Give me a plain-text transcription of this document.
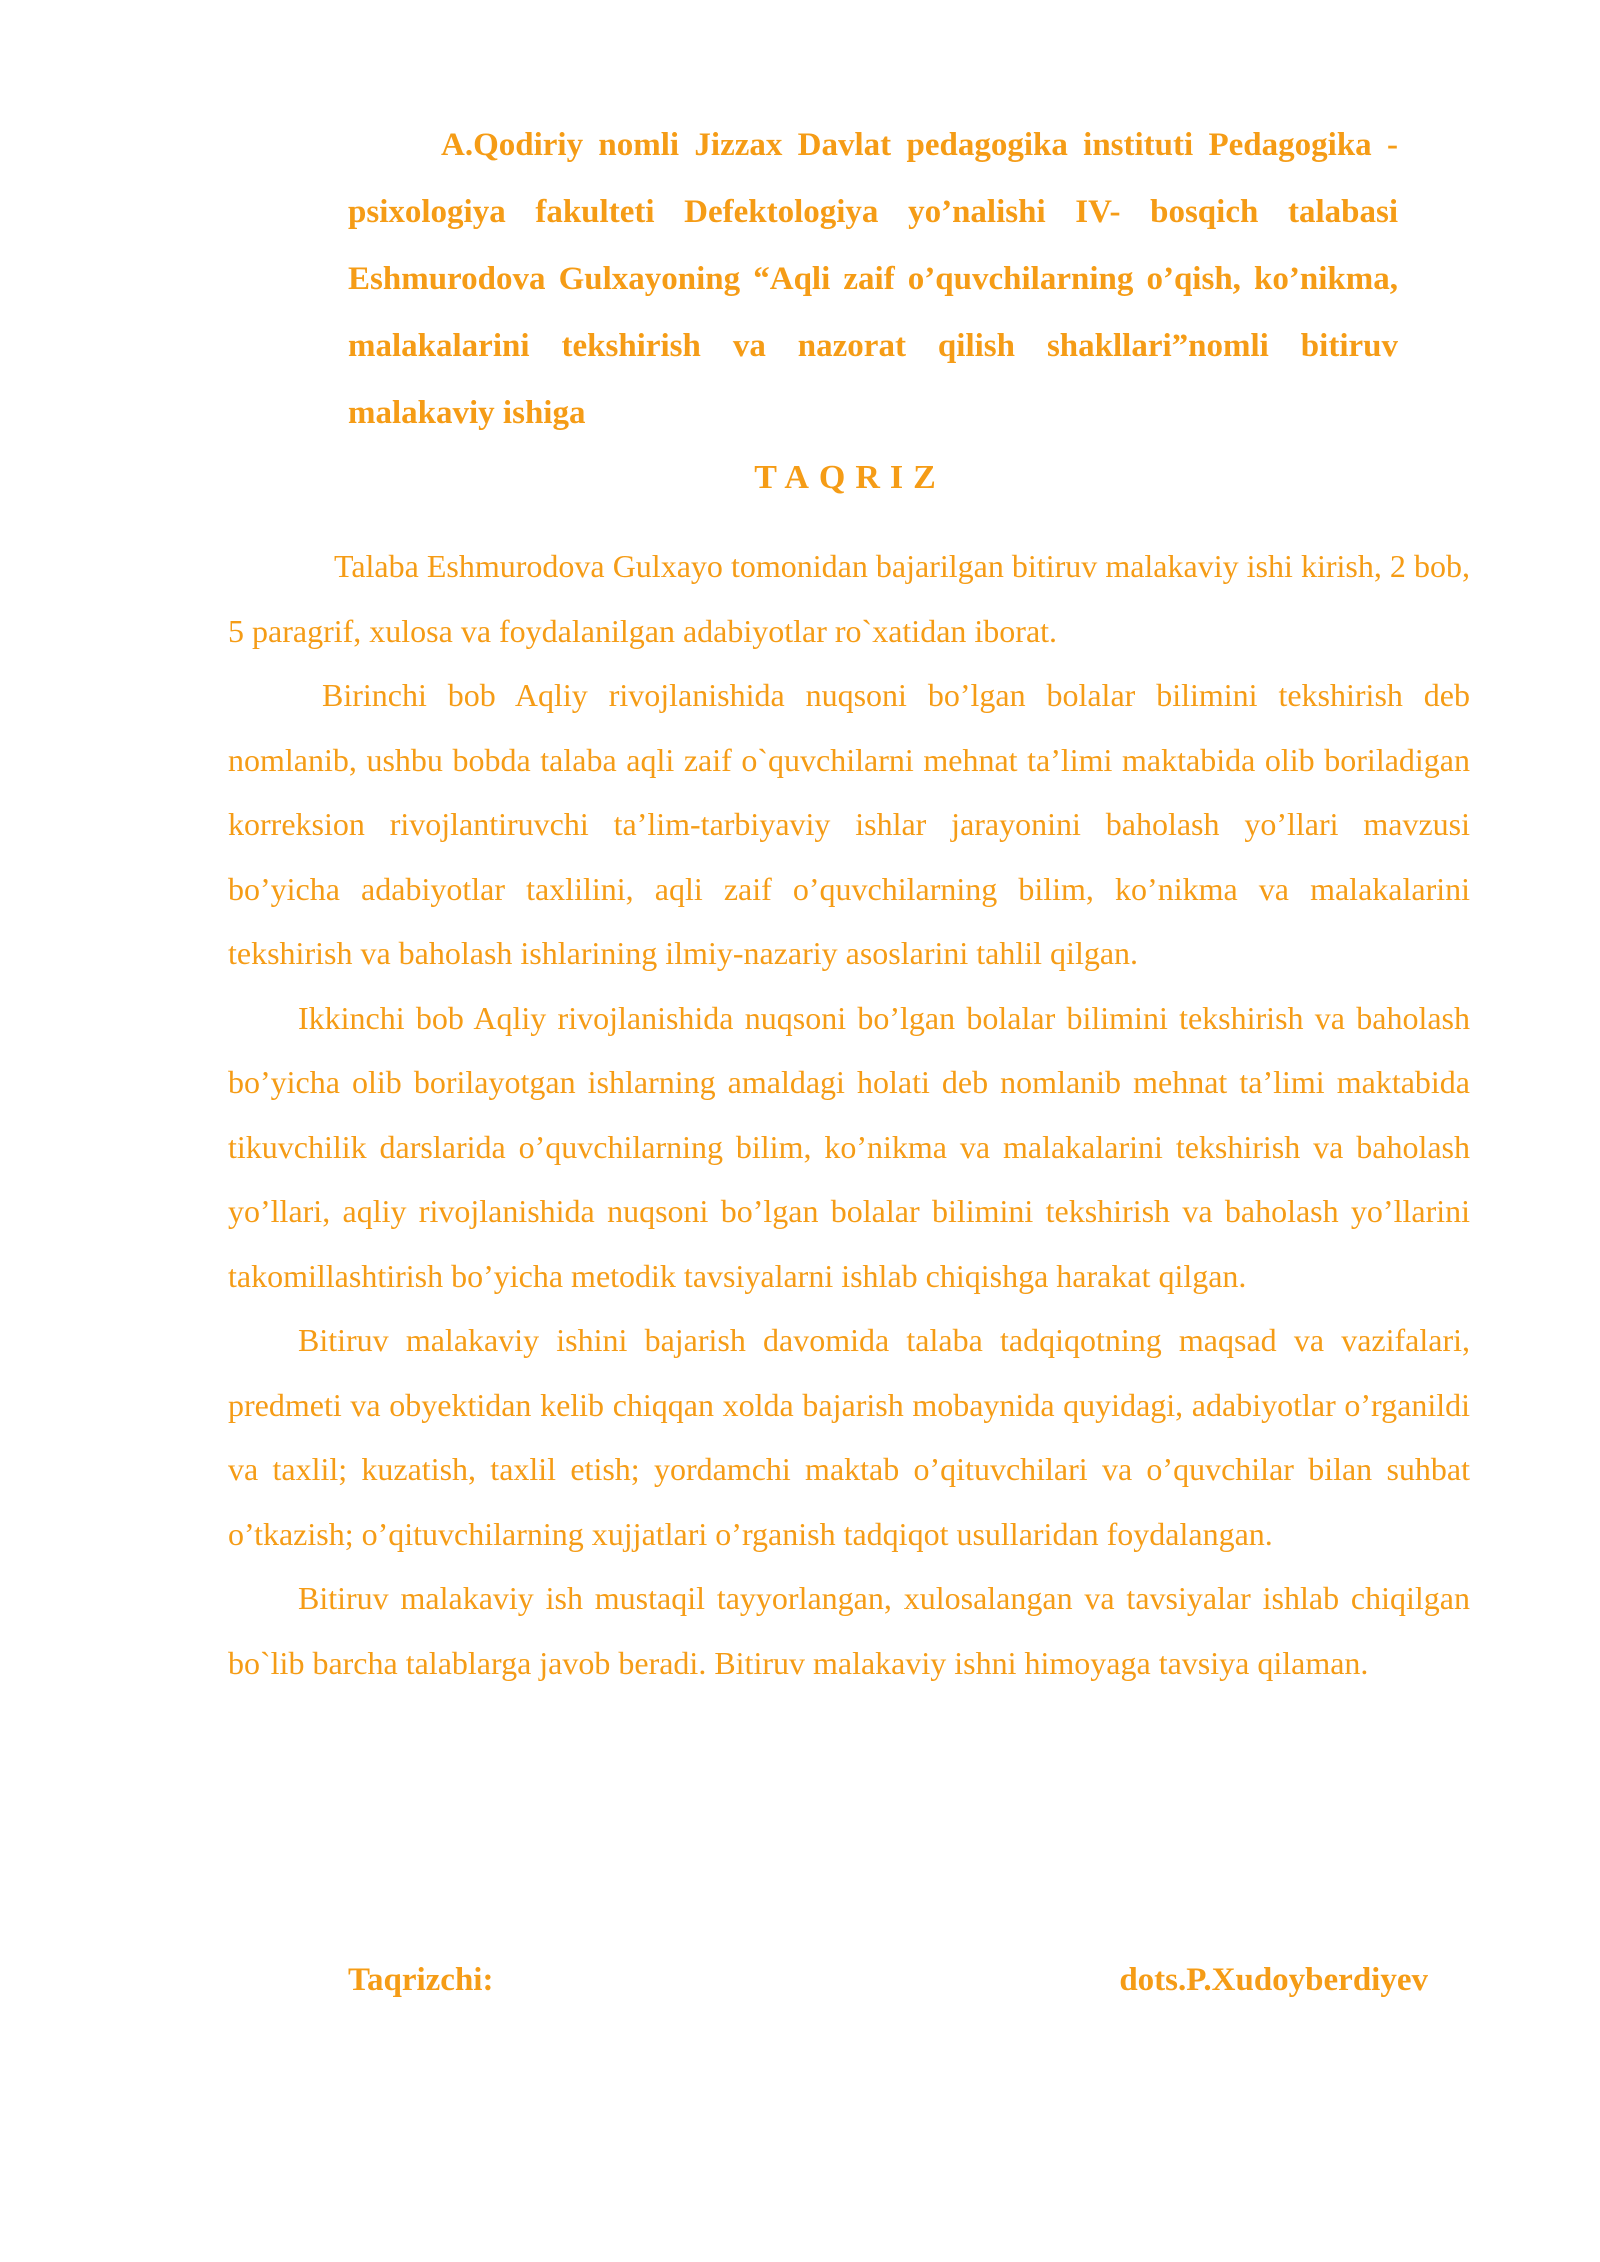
A.Qodiriy nomli Jizzax Davlat pedagogika instituti Pedagogika - psixologiya fakulteti Defektologiya yo’nalishi IV- bosqich talabasi Eshmurodova Gulxayoning “Aqli zaif o’quvchilarning o’qish, ko’nikma, malakalarini tekshirish va nazorat qilish shakllari”nomli bitiruv malakaviy ishiga

TAQRIZ

Talaba Eshmurodova Gulxayo tomonidan bajarilgan bitiruv malakaviy ishi kirish, 2 bob, 5 paragrif, xulosa va foydalanilgan adabiyotlar ro`xatidan iborat.

Birinchi bob Aqliy rivojlanishida nuqsoni bo’lgan bolalar bilimini tekshirish deb nomlanib, ushbu bobda talaba aqli zaif o`quvchilarni mehnat ta’limi maktabida olib boriladigan korreksion rivojlantiruvchi ta’lim-tarbiyaviy ishlar jarayonini baholash yo’llari mavzusi bo’yicha adabiyotlar taxlilini, aqli zaif o’quvchilarning bilim, ko’nikma va malakalarini tekshirish va baholash ishlarining ilmiy-nazariy asoslarini tahlil qilgan.

Ikkinchi bob Aqliy rivojlanishida nuqsoni bo’lgan bolalar bilimini tekshirish va baholash bo’yicha olib borilayotgan ishlarning amaldagi holati deb nomlanib mehnat ta’limi maktabida tikuvchilik darslarida o’quvchilarning bilim, ko’nikma va malakalarini tekshirish va baholash yo’llari, aqliy rivojlanishida nuqsoni bo’lgan bolalar bilimini tekshirish va baholash yo’llarini takomillashtirish bo’yicha metodik tavsiyalarni ishlab chiqishga harakat qilgan.

Bitiruv malakaviy ishini bajarish davomida talaba tadqiqotning maqsad va vazifalari, predmeti va obyektidan kelib chiqqan xolda bajarish mobaynida quyidagi, adabiyotlar o’rganildi va taxlil; kuzatish, taxlil etish; yordamchi maktab o’qituvchilari va o’quvchilar bilan suhbat o’tkazish; o’qituvchilarning xujjatlari o’rganish tadqiqot usullaridan foydalangan.

Bitiruv malakaviy ish mustaqil tayyorlangan, xulosalangan va tavsiyalar ishlab chiqilgan bo`lib barcha talablarga javob beradi. Bitiruv malakaviy ishni himoyaga tavsiya qilaman.

Taqrizchi:	dots.P.Xudoyberdiyev
